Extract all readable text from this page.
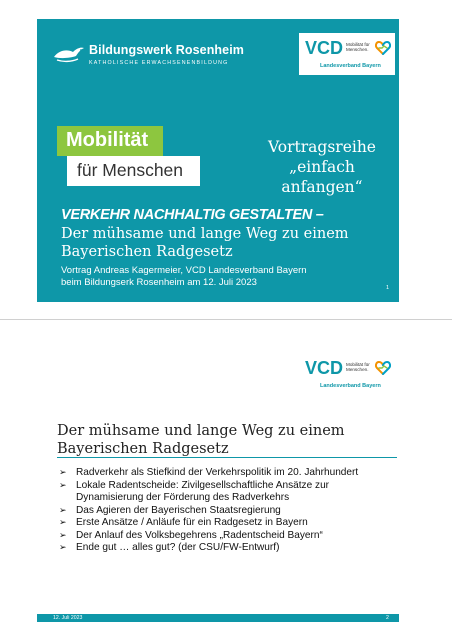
Bildungswerk Rosenheim
KATHOLISCHE ERWACHSENENBILDUNG
VCD Mobilität für
Menschen.
Landesverband Bayern
Mobilität
für Menschen
Vortragsreihe
„einfach anfangen“
VERKEHR NACHHALTIG GESTALTEN –
Der mühsame und lange Weg zu einem
Bayerischen Radgesetz
Vortrag Andreas Kagermeier, VCD Landesverband Bayern
beim Bildungserk Rosenheim am 12. Juli 2023	1
VCD Mobilität für
Menschen.
Landesverband Bayern
Der mühsame und lange Weg zu einem
Bayerischen Radgesetz
➢ Radverkehr als Stiefkind der Verkehrspolitik im 20. Jahrhundert
➢ Lokale Radentscheide: Zivilgesellschaftliche Ansätze zur
Dynamisierung der Förderung des Radverkehrs
➢ Das Agieren der Bayerischen Staatsregierung
➢ Erste Ansätze / Anläufe für ein Radgesetz in Bayern
➢ Der Anlauf des Volksbegehrens „Radentscheid Bayern“
➢ Ende gut … alles gut? (der CSU/FW-Entwurf)
12. Juli 2023	2
